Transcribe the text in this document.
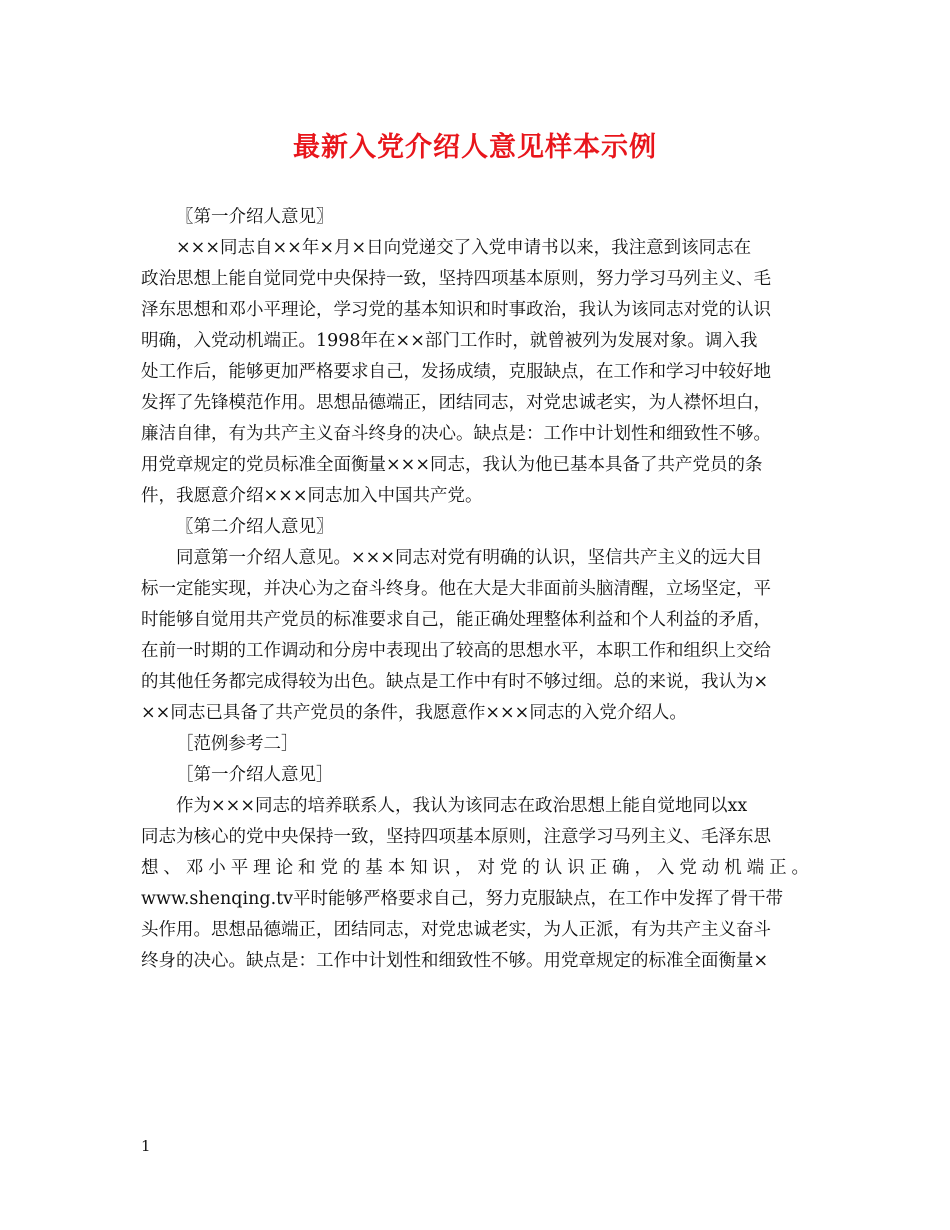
最新入党介绍人意见样本示例
〖第一介绍人意见〗
×××同志自××年×月×日向党递交了入党申请书以来，我注意到该同志在
政治思想上能自觉同党中央保持一致，坚持四项基本原则，努力学习马列主义、毛
泽东思想和邓小平理论，学习党的基本知识和时事政治，我认为该同志对党的认识
明确，入党动机端正。1998年在××部门工作时，就曾被列为发展对象。调入我
处工作后，能够更加严格要求自己，发扬成绩，克服缺点，在工作和学习中较好地
发挥了先锋模范作用。思想品德端正，团结同志，对党忠诚老实，为人襟怀坦白，
廉洁自律，有为共产主义奋斗终身的决心。缺点是：工作中计划性和细致性不够。
用党章规定的党员标准全面衡量×××同志，我认为他已基本具备了共产党员的条
件，我愿意介绍×××同志加入中国共产党。
〖第二介绍人意见〗
同意第一介绍人意见。×××同志对党有明确的认识，坚信共产主义的远大目
标一定能实现，并决心为之奋斗终身。他在大是大非面前头脑清醒，立场坚定，平
时能够自觉用共产党员的标准要求自己，能正确处理整体利益和个人利益的矛盾，
在前一时期的工作调动和分房中表现出了较高的思想水平，本职工作和组织上交给
的其他任务都完成得较为出色。缺点是工作中有时不够过细。总的来说，我认为×
××同志已具备了共产党员的条件，我愿意作×××同志的入党介绍人。
［范例参考二］
［第一介绍人意见］
作为×××同志的培养联系人，我认为该同志在政治思想上能自觉地同以xx
同志为核心的党中央保持一致，坚持四项基本原则，注意学习马列主义、毛泽东思
想、邓小平理论和党的基本知识，对党的认识正确，入党动机端正。
www.shenqing.tv平时能够严格要求自己，努力克服缺点，在工作中发挥了骨干带
头作用。思想品德端正，团结同志，对党忠诚老实，为人正派，有为共产主义奋斗
终身的决心。缺点是：工作中计划性和细致性不够。用党章规定的标准全面衡量×
1
